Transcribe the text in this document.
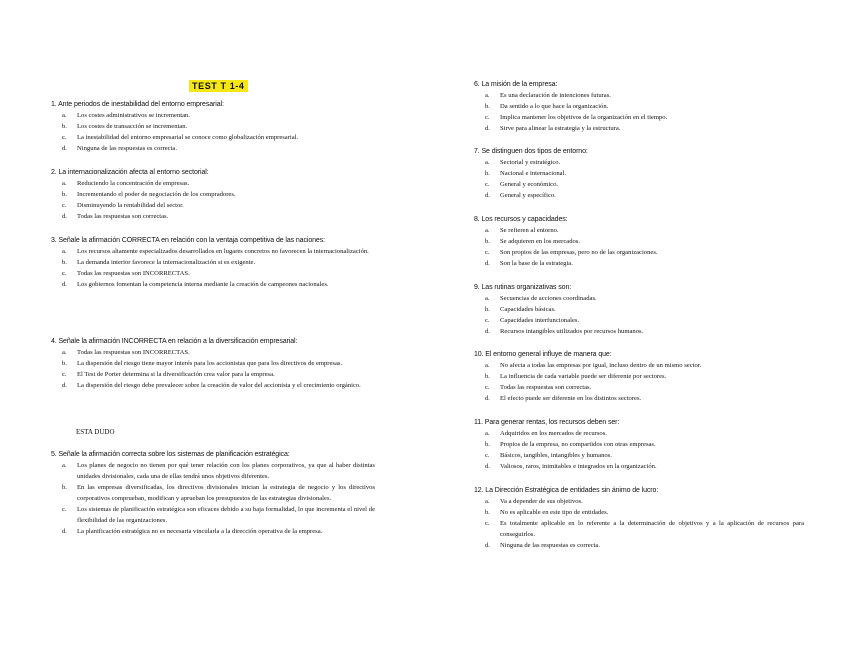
TEST T 1-4
1. Ante periodos de inestabilidad del entorno empresarial:
a. Los costes administrativos se incrementan.
b. Los costes de transacción se incrementan.
c. La inestabilidad del entorno empresarial se conoce como globalización empresarial.
d. Ninguna de las respuestas es correcta.
2. La internacionalización afecta al entorno sectorial:
a. Reduciendo la concentración de empresas.
b. Incrementando el poder de negociación de los compradores.
c. Disminuyendo la rentabilidad del sector.
d. Todas las respuestas son correctas.
3. Señale la afirmación CORRECTA en relación con la ventaja competitiva de las naciones:
a. Los recursos altamente especializados desarrollados en lugares concretos no favorecen la internacionalización.
b. La demanda interior favorece la internacionalización si es exigente.
c. Todas las respuestas son INCORRECTAS.
d. Los gobiernos fomentan la competencia interna mediante la creación de campeones nacionales.
4. Señale la afirmación INCORRECTA en relación a la diversificación empresarial:
a. Todas las respuestas son INCORRECTAS.
b. La dispersión del riesgo tiene mayor interés para los accionistas que para los directivos de empresas.
c. El Test de Porter determina si la diversificación crea valor para la empresa.
d. La dispersión del riesgo debe prevalecer sobre la creación de valor del accionista y el crecimiento orgánico.
ESTA DUDO
5. Señale la afirmación correcta sobre los sistemas de planificación estratégica:
a. Los planes de negocio no tienen por qué tener relación con los planes corporativos, ya que al haber distintas unidades divisionales, cada una de ellas tendrá unos objetivos diferentes.
b. En las empresas diversificadas, los directivos divisionales inician la estrategia de negocio y los directivos corporativos comprueban, modifican y aprueban los presupuestos de las estrategias divisionales.
c. Los sistemas de planificación estratégica son eficaces debido a su baja formalidad, lo que incrementa el nivel de flexibilidad de las organizaciones.
d. La planificación estratégica no es necesaria vincularla a la dirección operativa de la empresa.
6. La misión de la empresa:
a. Es una declaración de intenciones futuras.
b. Da sentido a lo que hace la organización.
c. Implica mantener los objetivos de la organización en el tiempo.
d. Sirve para alinear la estrategia y la estructura.
7. Se distinguen dos tipos de entorno:
a. Sectorial y estratégico.
b. Nacional e internacional.
c. General y económico.
d. General y específico.
8. Los recursos y capacidades:
a. Se refieren al entorno.
b. Se adquieren en los mercados.
c. Son propios de las empresas, pero no de las organizaciones.
d. Son la base de la estrategia.
9. Las rutinas organizativas son:
a. Secuencias de acciones coordinadas.
b. Capacidades básicas.
c. Capacidades interfuncionales.
d. Recursos intangibles utilizados por recursos humanos.
10. El entorno general influye de manera que:
a. No afecta a todas las empresas por igual, incluso dentro de un mismo sector.
b. La influencia de cada variable puede ser diferente por sectores.
c. Todas las respuestas son correctas.
d. El efecto puede ser diferente en los distintos sectores.
11. Para generar rentas, los recursos deben ser:
a. Adquiridos en los mercados de recursos.
b. Propios de la empresa, no compartidos con otras empresas.
c. Básicos, tangibles, intangibles y humanos.
d. Valiosos, raros, inimitables e integrados en la organización.
12. La Dirección Estratégica de entidades sin ánimo de lucro:
a. Va a depender de sus objetivos.
b. No es aplicable en este tipo de entidades.
c. Es totalmente aplicable en lo referente a la determinación de objetivos y a la aplicación de recursos para conseguirlos.
d. Ninguna de las respuestas es correcta.
